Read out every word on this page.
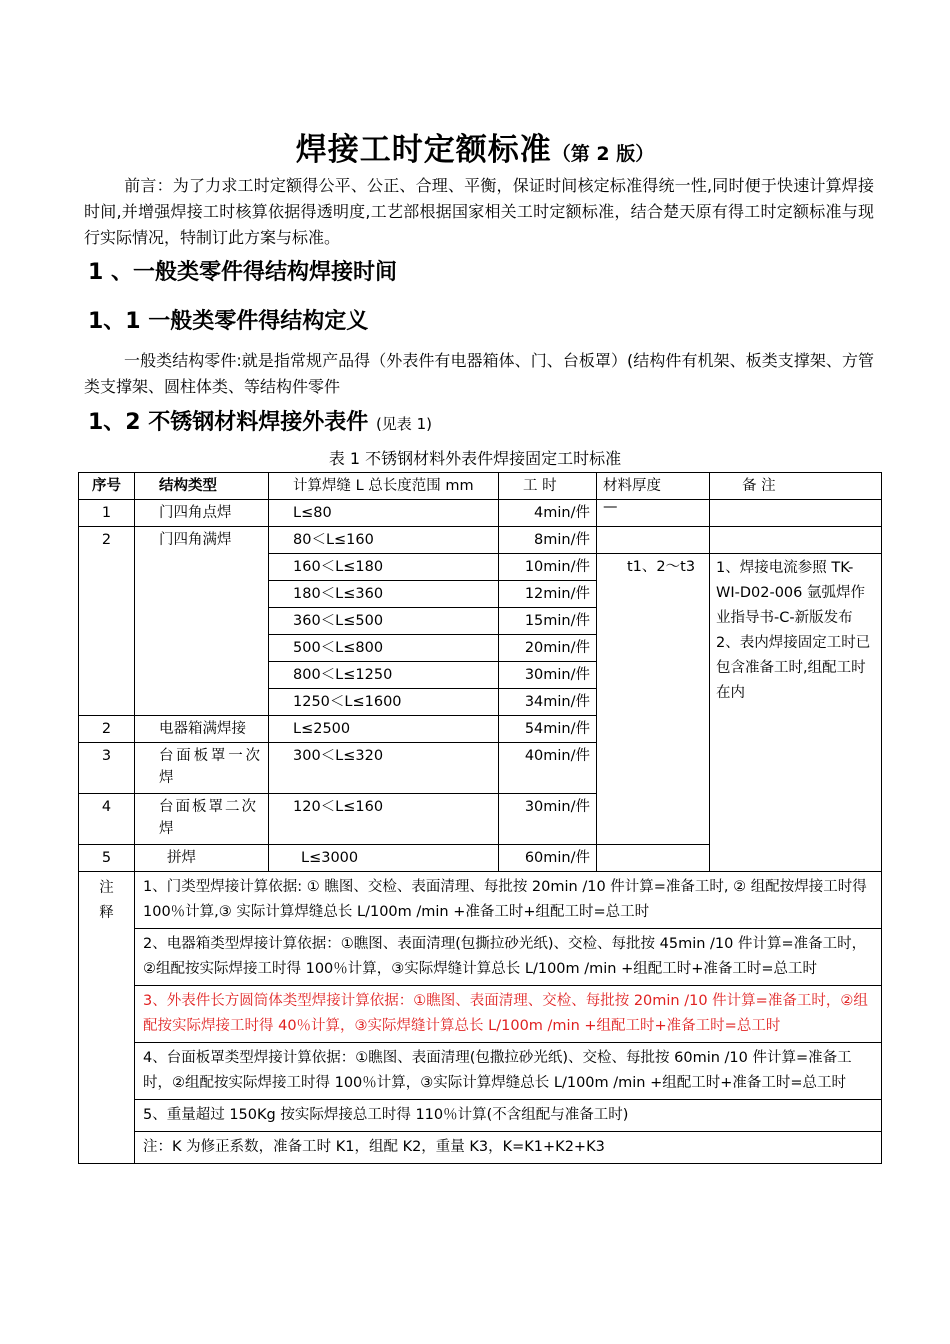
焊接工时定额标准（第 2 版）
前言：为了力求工时定额得公平、公正、合理、平衡，保证时间核定标准得统一性,同时便于快速计算焊接时间,并增强焊接工时核算依据得透明度,工艺部根据国家相关工时定额标准，结合楚天原有得工时定额标准与现行实际情况，特制订此方案与标准。
1 、一般类零件得结构焊接时间
1、1 一般类零件得结构定义
一般类结构零件:就是指常规产品得（外表件有电器箱体、门、台板罩）(结构件有机架、板类支撑架、方管类支撑架、圆柱体类、等结构件零件
1、2 不锈钢材料焊接外表件 (见表 1)
表 1 不锈钢材料外表件焊接固定工时标准
序号	结构类型	计算焊缝 L 总长度范围 mm	工 时	材料厚度	备 注	
1	门四角点焊	L≤80	4min/件	—		
2	门四角满焊	80＜L≤160	8min/件			
		160＜L≤180	10min/件	t1、2～t3	1、焊接电流参照 TK-WI-D02-006 氩弧焊作业指导书-C-新版发布
2、表内焊接固定工时已包含准备工时,组配工时在内	

		180＜L≤360	12min/件			
		360＜L≤500	15min/件			
		500＜L≤800	20min/件			
		800＜L≤1250	30min/件			
		1250＜L≤1600	34min/件			
2	电器箱满焊接	L≤2500	54min/件			
3	台面板罩一次焊	300＜L≤320	40min/件			
4	台面板罩二次焊	120＜L≤160	30min/件			
5	拼焊	L≤3000	60min/件			
注
释	1、门类型焊接计算依据: ① 瞧图、交检、表面清理、每批按 20min /10 件计算=准备工时, ② 组配按焊接工时得 100％计算,③ 实际计算焊缝总长 L/100m /min +准备工时+组配工时=总工时					
	2、电器箱类型焊接计算依据：①瞧图、表面清理(包撕拉砂光纸)、交检、每批按 45min /10 件计算=准备工时，②组配按实际焊接工时得 100％计算，③实际焊缝计算总长 L/100m /min +组配工时+准备工时=总工时					
	3、外表件长方圆筒体类型焊接计算依据：①瞧图、表面清理、交检、每批按 20min /10 件计算=准备工时，②组配按实际焊接工时得 40％计算，③实际焊缝计算总长 L/100m /min +组配工时+准备工时=总工时					
	4、台面板罩类型焊接计算依据：①瞧图、表面清理(包撒拉砂光纸)、交检、每批按 60min /10 件计算=准备工时，②组配按实际焊接工时得 100％计算，③实际计算焊缝总长 L/100m /min +组配工时+准备工时=总工时					
	5、重量超过 150Kg 按实际焊接总工时得 110％计算(不含组配与准备工时)					
	注：K 为修正系数，准备工时 K1，组配 K2，重量 K3，K=K1+K2+K3					
